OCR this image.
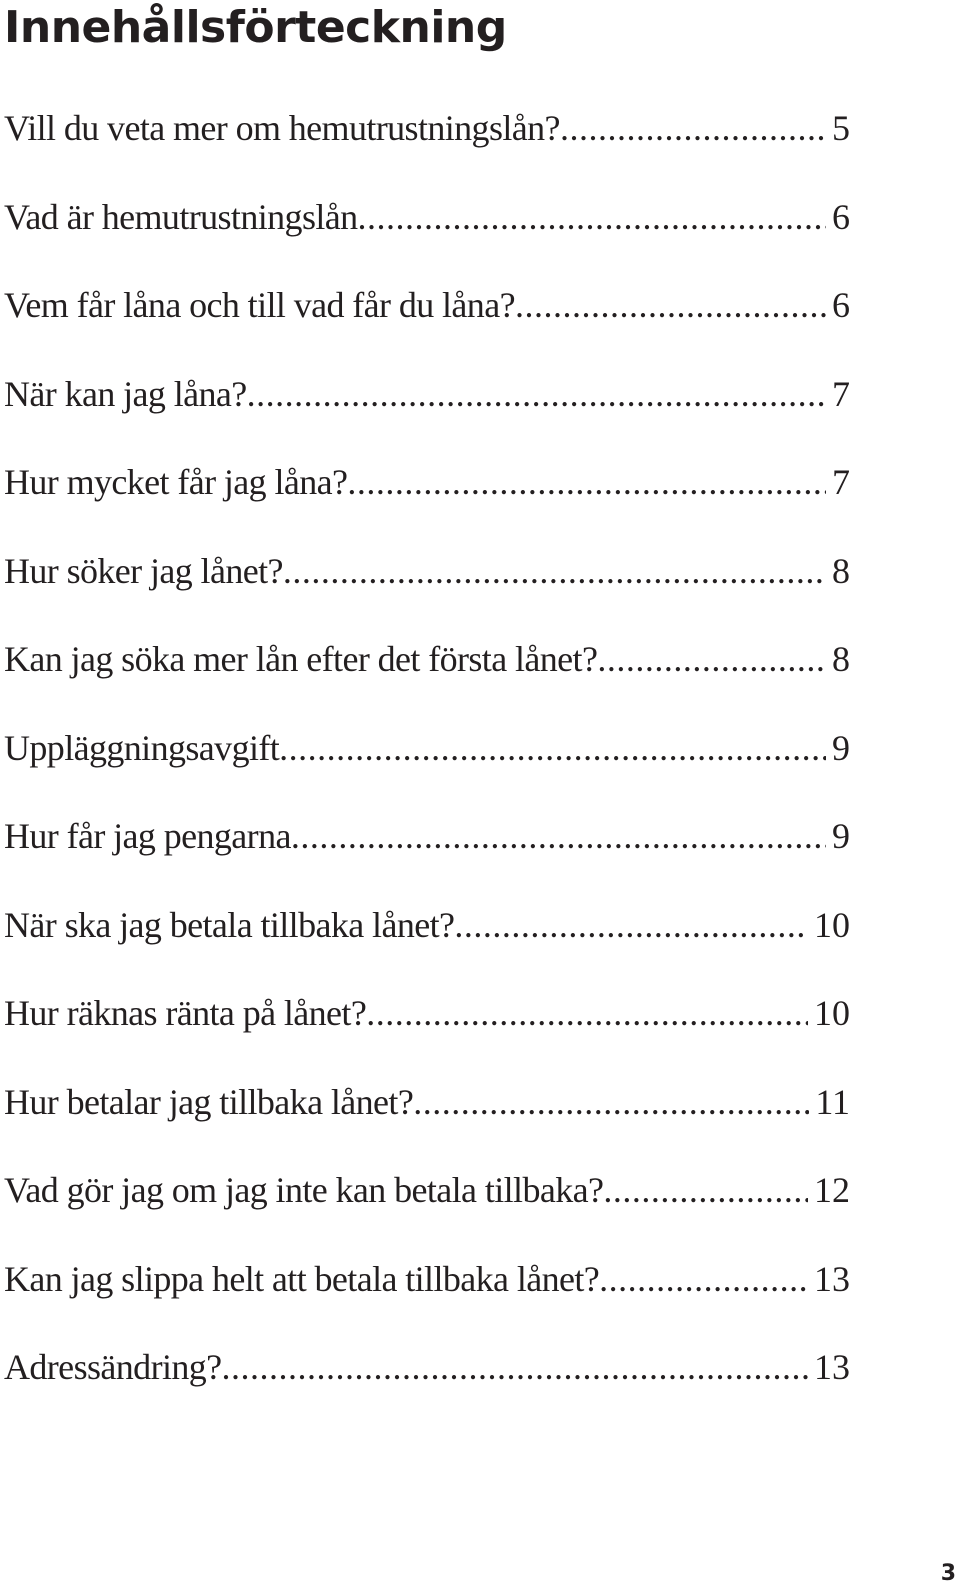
Innehållsförteckning
Vill du veta mer om hemutrustningslån? .....	5
Vad är hemutrustningslån .....	6
Vem får låna och till vad får du låna? .....	6
När kan jag låna? .....	7
Hur mycket får jag låna? .....	7
Hur söker jag lånet? .....	8
Kan jag söka mer lån efter det första lånet? .....	8
Uppläggningsavgift .....	9
Hur får jag pengarna .....	9
När ska jag betala tillbaka lånet? .....	10
Hur räknas ränta på lånet? .....	10
Hur betalar jag tillbaka lånet? .....	11
Vad gör jag om jag inte kan betala tillbaka? .....	12
Kan jag slippa helt att betala tillbaka lånet? .....	13
Adressändring? .....	13
3
